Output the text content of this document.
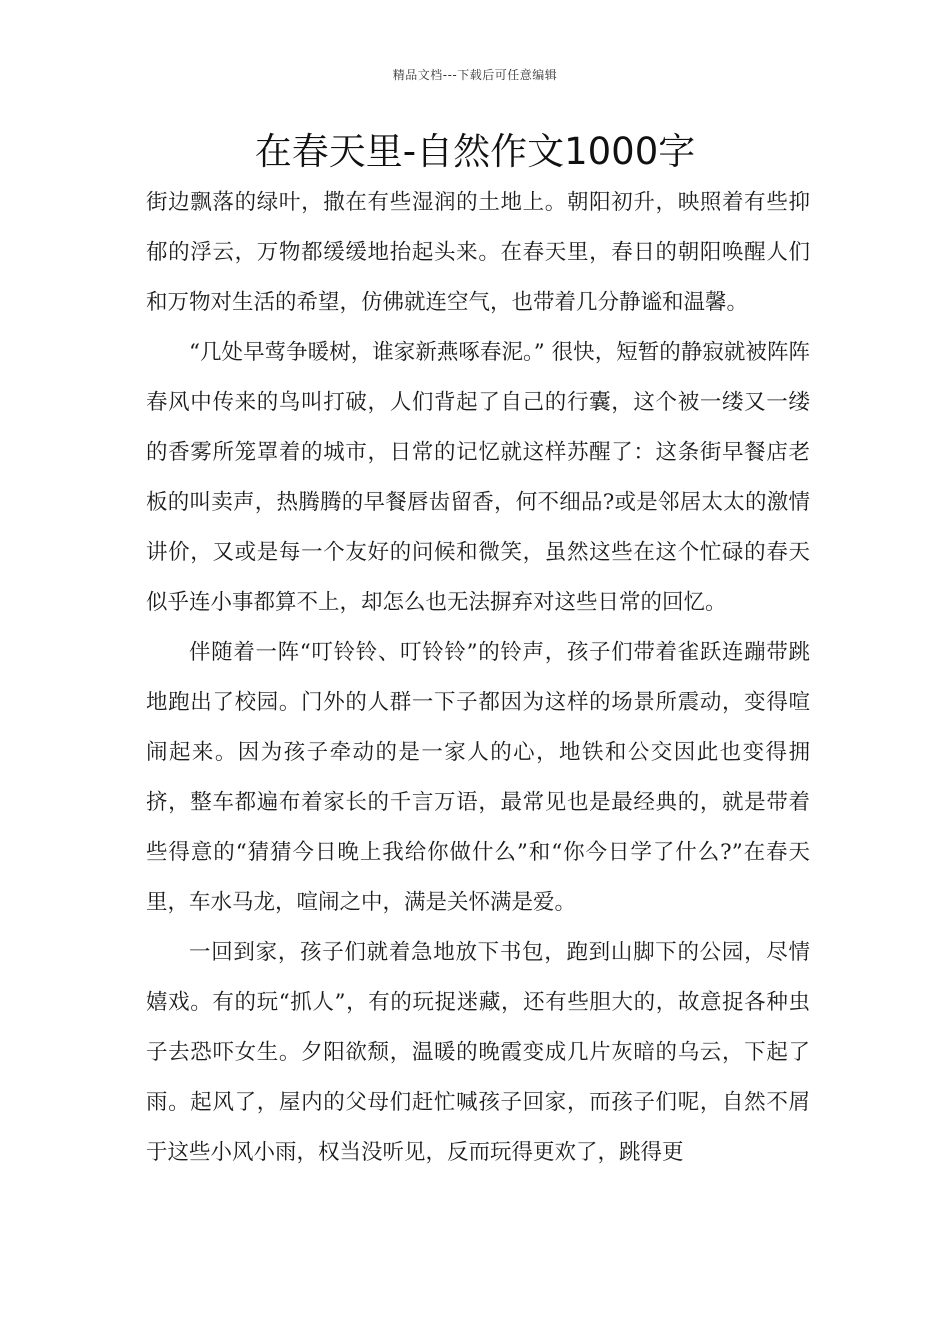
精品文档---下载后可任意编辑
在春天里-自然作文1000字

街边飘落的绿叶，撒在有些湿润的土地上。朝阳初升，映照着有些抑郁的浮云，万物都缓缓地抬起头来。在春天里，春日的朝阳唤醒人们和万物对生活的希望，仿佛就连空气，也带着几分静谧和温馨。

“几处早莺争暖树，谁家新燕啄春泥。” 很快，短暂的静寂就被阵阵春风中传来的鸟叫打破，人们背起了自己的行囊，这个被一缕又一缕的香雾所笼罩着的城市，日常的记忆就这样苏醒了：这条街早餐店老板的叫卖声，热腾腾的早餐唇齿留香，何不细品?或是邻居太太的激情讲价，又或是每一个友好的问候和微笑，虽然这些在这个忙碌的春天似乎连小事都算不上，却怎么也无法摒弃对这些日常的回忆。

伴随着一阵“叮铃铃、叮铃铃”的铃声，孩子们带着雀跃连蹦带跳地跑出了校园。门外的人群一下子都因为这样的场景所震动，变得喧闹起来。因为孩子牵动的是一家人的心，地铁和公交因此也变得拥挤，整车都遍布着家长的千言万语，最常见也是最经典的，就是带着些得意的“猜猜今日晚上我给你做什么”和“你今日学了什么?”在春天里，车水马龙，喧闹之中，满是关怀满是爱。

一回到家，孩子们就着急地放下书包，跑到山脚下的公园，尽情嬉戏。有的玩“抓人”，有的玩捉迷藏，还有些胆大的，故意捉各种虫子去恐吓女生。夕阳欲颓，温暖的晚霞变成几片灰暗的乌云，下起了雨。起风了，屋内的父母们赶忙喊孩子回家，而孩子们呢，自然不屑于这些小风小雨，权当没听见，反而玩得更欢了，跳得更
